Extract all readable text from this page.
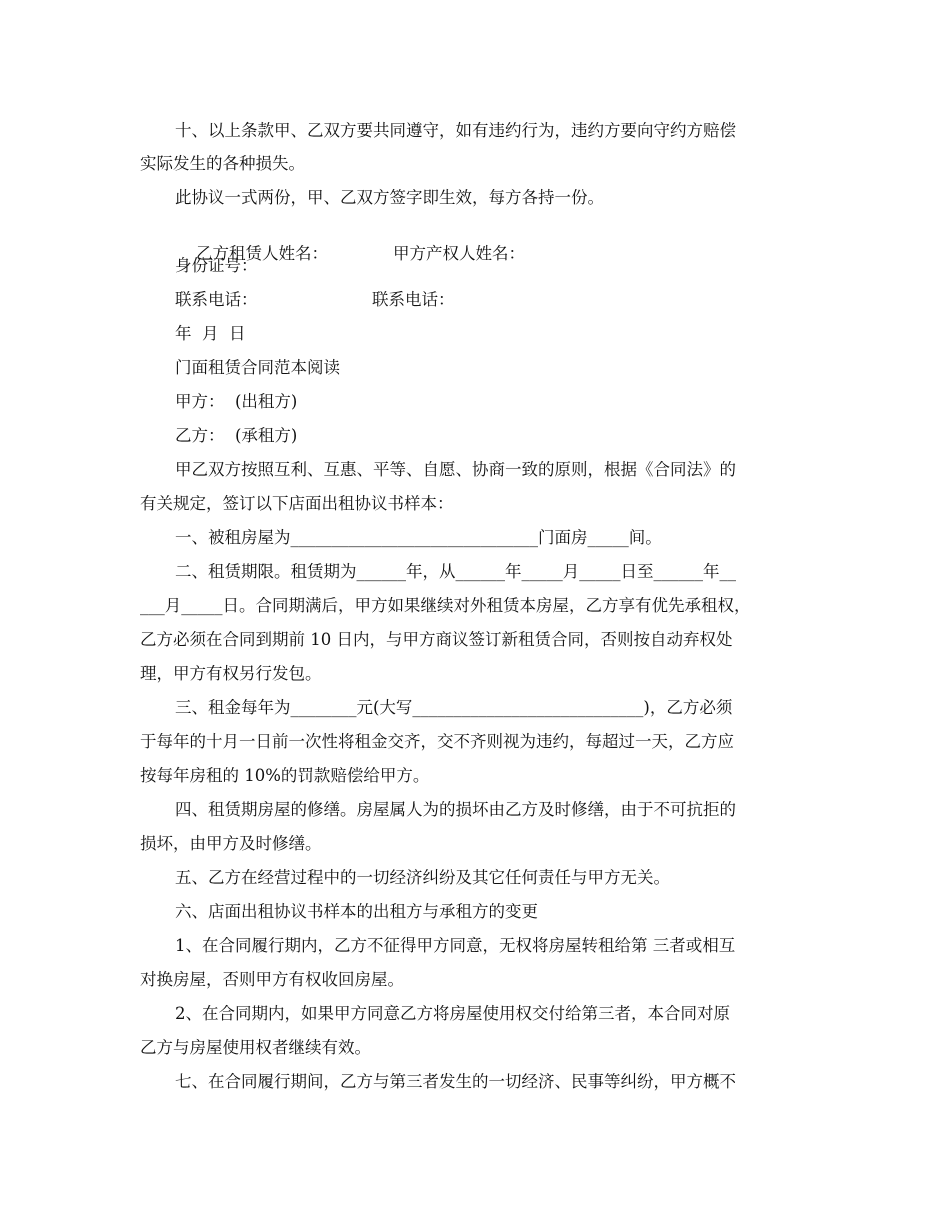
十、以上条款甲、乙双方要共同遵守，如有违约行为，违约方要向守约方赔偿

实际发生的各种损失。

此协议一式两份，甲、乙双方签字即生效，每方各持一份。

乙方租赁人姓名：
	甲方产权人姓名：

身份证号：

联系电话：	联系电话：

年  月  日

门面租赁合同范本阅读

甲方：  (出租方)

乙方：  (承租方)

甲乙双方按照互利、互惠、平等、自愿、协商一致的原则，根据《合同法》的

有关规定，签订以下店面出租协议书样本：

一、被租房屋为______________________________门面房_____间。

二、租赁期限。租赁期为______年，从______年_____月_____日至______年__

___月_____日。合同期满后，甲方如果继续对外租赁本房屋，乙方享有优先承租权，

乙方必须在合同到期前 10 日内，与甲方商议签订新租赁合同，否则按自动弃权处

理，甲方有权另行发包。

三、租金每年为________元(大写____________________________)，乙方必须

于每年的十月一日前一次性将租金交齐，交不齐则视为违约，每超过一天，乙方应

按每年房租的 10%的罚款赔偿给甲方。

四、租赁期房屋的修缮。房屋属人为的损坏由乙方及时修缮，由于不可抗拒的

损坏，由甲方及时修缮。

五、乙方在经营过程中的一切经济纠纷及其它任何责任与甲方无关。

六、店面出租协议书样本的出租方与承租方的变更

1、在合同履行期内，乙方不征得甲方同意，无权将房屋转租给第 三者或相互

对换房屋，否则甲方有权收回房屋。

2、在合同期内，如果甲方同意乙方将房屋使用权交付给第三者，本合同对原

乙方与房屋使用权者继续有效。

七、在合同履行期间，乙方与第三者发生的一切经济、民事等纠纷，甲方概不
